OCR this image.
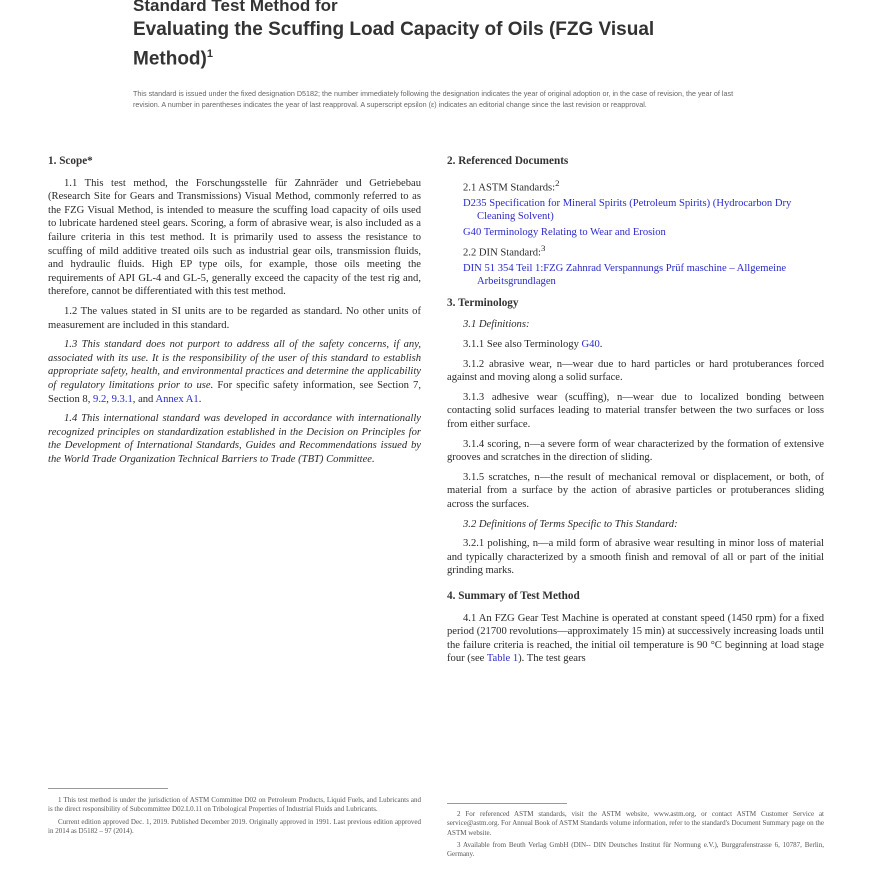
Standard Test Method for
Evaluating the Scuffing Load Capacity of Oils (FZG Visual
Method)$^1$
This standard is issued under the fixed designation D5182; the number immediately following the designation indicates the year of original adoption or, in the case of revision, the year of last revision. A number in parentheses indicates the year of last reapproval. A superscript epsilon (ε) indicates an editorial change since the last revision or reapproval.
1. Scope*

1.1 This test method, the Forschungsstelle für Zahnräder und Getriebebau (Research Site for Gears and Transmissions) Visual Method, commonly referred to as the FZG Visual Method, is intended to measure the scuffing load capacity of oils used to lubricate hardened steel gears. Scoring, a form of abrasive wear, is also included as a failure criteria in this test method. It is primarily used to assess the resistance to scuffing of mild additive treated oils such as industrial gear oils, transmission fluids, and hydraulic fluids. High EP type oils, for example, those oils meeting the requirements of API GL-4 and GL-5, generally exceed the capacity of the test rig and, therefore, cannot be differentiated with this test method.

1.2 The values stated in SI units are to be regarded as standard. No other units of measurement are included in this standard.

1.3 This standard does not purport to address all of the safety concerns, if any, associated with its use. It is the responsibility of the user of this standard to establish appropriate safety, health, and environmental practices and determine the applicability of regulatory limitations prior to use. For specific safety information, see Section 7, Section 8, 9.2, 9.3.1, and Annex A1.

1.4 This international standard was developed in accordance with internationally recognized principles on standardization established in the Decision on Principles for the Development of International Standards, Guides and Recommendations issued by the World Trade Organization Technical Barriers to Trade (TBT) Committee.

1 This test method is under the jurisdiction of ASTM Committee D02 on Petroleum Products, Liquid Fuels, and Lubricants and is the direct responsibility of Subcommittee D02.L0.11 on Tribological Properties of Industrial Fluids and Lubricants.
Current edition approved Dec. 1, 2019. Published December 2019. Originally approved in 1991. Last previous edition approved in 2014 as D5182 – 97 (2014).
2. Referenced Documents
2.1 ASTM Standards:$^2$
D235 Specification for Mineral Spirits (Petroleum Spirits) (Hydrocarbon Dry Cleaning Solvent)
G40 Terminology Relating to Wear and Erosion
2.2 DIN Standard:$^3$
DIN 51 354 Teil 1:FZG Zahnrad Verspannungs Prüf maschine – Allgemeine Arbeitsgrundlagen
3. Terminology

3.1 Definitions:

3.1.1 See also Terminology G40.

3.1.2 abrasive wear, n—wear due to hard particles or hard protuberances forced against and moving along a solid surface.

3.1.3 adhesive wear (scuffing), n—wear due to localized bonding between contacting solid surfaces leading to material transfer between the two surfaces or loss from either surface.

3.1.4 scoring, n—a severe form of wear characterized by the formation of extensive grooves and scratches in the direction of sliding.

3.1.5 scratches, n—the result of mechanical removal or displacement, or both, of material from a surface by the action of abrasive particles or protuberances sliding across the surfaces.

3.2 Definitions of Terms Specific to This Standard:

3.2.1 polishing, n—a mild form of abrasive wear resulting in minor loss of material and typically characterized by a smooth finish and removal of all or part of the initial grinding marks.

4. Summary of Test Method

4.1 An FZG Gear Test Machine is operated at constant speed (1450 rpm) for a fixed period (21700 revolutions—approximately 15 min) at successively increasing loads until the failure criteria is reached, the initial oil temperature is 90 °C beginning at load stage four (see Table 1). The test gears

2 For referenced ASTM standards, visit the ASTM website, www.astm.org, or contact ASTM Customer Service at service@astm.org. For Annual Book of ASTM Standards volume information, refer to the standard's Document Summary page on the ASTM website.
3 Available from Beuth Verlag GmbH (DIN-- DIN Deutsches Institut für Normung e.V.), Burggrafenstrasse 6, 10787, Berlin, Germany.
